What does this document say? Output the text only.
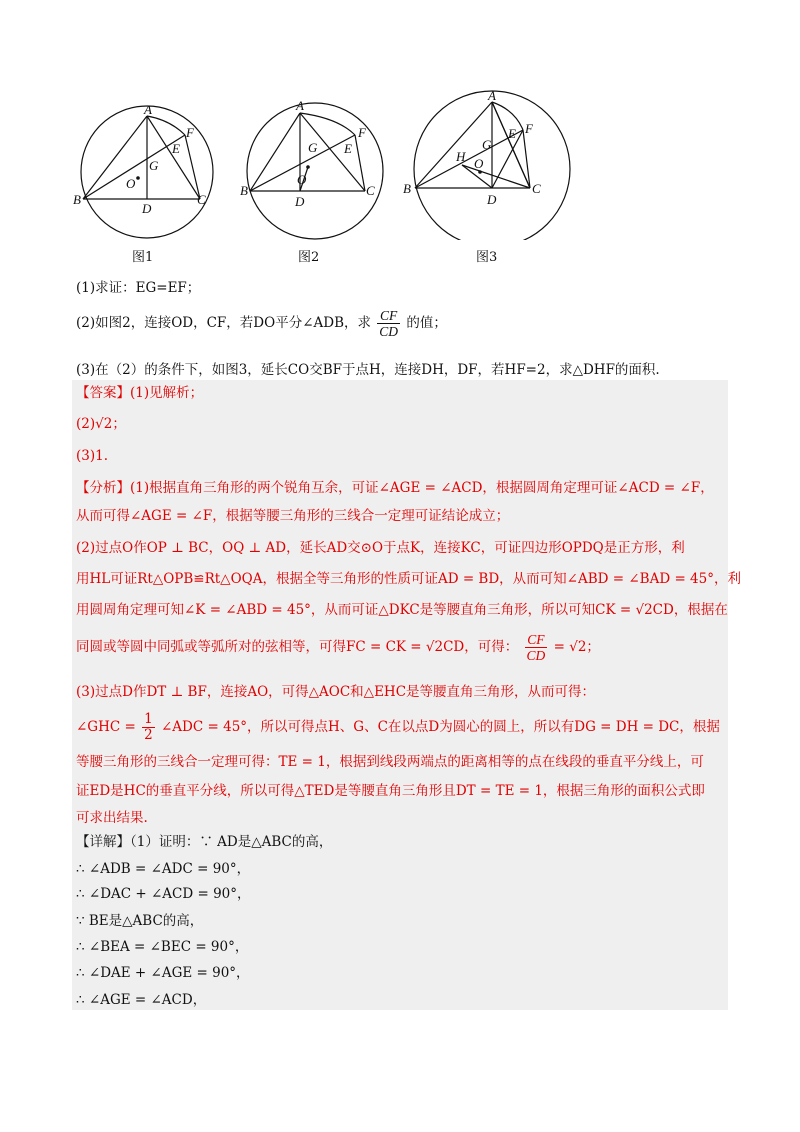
A
B	C
D
E
F
G
O
A
B	C
D
E
F
G
O
A
B	C
D
E F
G
H O
图1	图2	图3
(1)求证：EG=EF；
(2)如图2，连接OD，CF，若DO平分∠ADB，求 $\frac{CF}{CD}$ 的值；
(3)在（2）的条件下，如图3，延长CO交BF于点H，连接DH，DF，若HF=2，求△DHF的面积.
【答案】(1)见解析；
(2)√2；
(3)1.
【分析】(1)根据直角三角形的两个锐角互余，可证∠AGE = ∠ACD，根据圆周角定理可证∠ACD = ∠F，
从而可得∠AGE = ∠F，根据等腰三角形的三线合一定理可证结论成立；
(2)过点O作OP ⊥ BC，OQ ⊥ AD，延长AD交⊙O于点K，连接KC，可证四边形OPDQ是正方形，利
用HL可证Rt△OPB≌Rt△OQA，根据全等三角形的性质可证AD = BD，从而可知∠ABD = ∠BAD = 45°，利
用圆周角定理可知∠K = ∠ABD = 45°，从而可证△DKC是等腰直角三角形，所以可知CK = √2CD，根据在
同圆或等圆中同弧或等弧所对的弦相等，可得FC = CK = √2CD，可得： $\frac{CF}{CD} = √2$；
(3)过点D作DT ⊥ BF，连接AO，可得△AOC和△EHC是等腰直角三角形，从而可得：
∠GHC = $\frac{1}{2}$ ∠ADC = 45°，所以可得点H、G、C在以点D为圆心的圆上，所以有DG = DH = DC，根据
等腰三角形的三线合一定理可得：TE = 1，根据到线段两端点的距离相等的点在线段的垂直平分线上，可
证ED是HC的垂直平分线，所以可得△TED是等腰直角三角形且DT = TE = 1，根据三角形的面积公式即
可求出结果.
【详解】（1）证明：∵ AD是△ABC的高，
∴ ∠ADB = ∠ADC = 90°，
∴ ∠DAC + ∠ACD = 90°，
∵ BE是△ABC的高，
∴ ∠BEA = ∠BEC = 90°，
∴ ∠DAE + ∠AGE = 90°，
∴ ∠AGE = ∠ACD，
